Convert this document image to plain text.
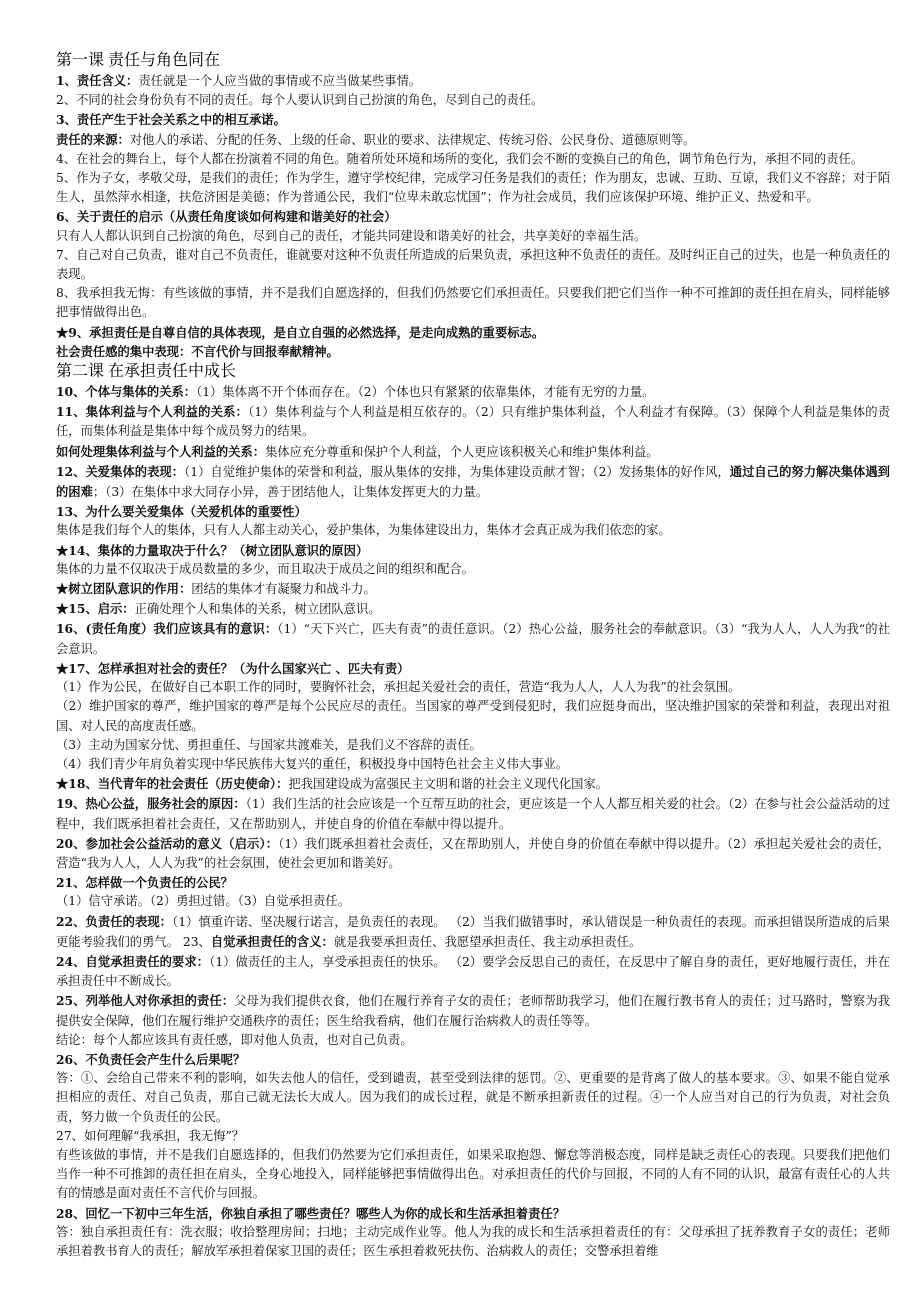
第一课 责任与角色同在

1、责任含义：责任就是一个人应当做的事情或不应当做某些事情。

2、不同的社会身份负有不同的责任。每个人要认识到自己扮演的角色，尽到自己的责任。

3、责任产生于社会关系之中的相互承诺。

责任的来源：对他人的承诺、分配的任务、上级的任命、职业的要求、法律规定、传统习俗、公民身份、道德原则等。

4、在社会的舞台上，每个人都在扮演着不同的角色。随着所处环境和场所的变化，我们会不断的变换自己的角色，调节角色行为，承担不同的责任。

5、作为子女，孝敬父母，是我们的责任；作为学生，遵守学校纪律，完成学习任务是我们的责任；作为朋友，忠诚、互助、互谅，我们义不容辞；对于陌生人，虽然萍水相逢，扶危济困是美德；作为普通公民，我们“位卑未敢忘忧国”；作为社会成员，我们应该保护环境、维护正义、热爱和平。

6、关于责任的启示（从责任角度谈如何构建和谐美好的社会）

只有人人都认识到自己扮演的角色，尽到自己的责任，才能共同建设和谐美好的社会，共享美好的幸福生活。

7、自己对自己负责，谁对自己不负责任，谁就要对这种不负责任所造成的后果负责，承担这种不负责任的责任。及时纠正自己的过失，也是一种负责任的表现。

8、我承担我无悔：有些该做的事情，并不是我们自愿选择的，但我们仍然要它们承担责任。只要我们把它们当作一种不可推卸的责任担在肩头，同样能够把事情做得出色。

★9、承担责任是自尊自信的具体表现，是自立自强的必然选择，是走向成熟的重要标志。

社会责任感的集中表现：不言代价与回报奉献精神。

第二课 在承担责任中成长

10、个体与集体的关系：（1）集体离不开个体而存在。（2）个体也只有紧紧的依靠集体，才能有无穷的力量。

11、集体利益与个人利益的关系：（1）集体利益与个人利益是相互依存的。（2）只有维护集体利益，个人利益才有保障。（3）保障个人利益是集体的责任，而集体利益是集体中每个成员努力的结果。

如何处理集体利益与个人利益的关系：集体应充分尊重和保护个人利益，个人更应该积极关心和维护集体利益。

12、关爱集体的表现：（1）自觉维护集体的荣誉和利益，服从集体的安排，为集体建设贡献才智；（2）发扬集体的好作风，通过自己的努力解决集体遇到的困难；（3）在集体中求大同存小异，善于团结他人，让集体发挥更大的力量。

13、为什么要关爱集体（关爱机体的重要性）

集体是我们每个人的集体，只有人人都主动关心，爱护集体，为集体建设出力，集体才会真正成为我们依恋的家。

★14、集体的力量取决于什么？（树立团队意识的原因）

集体的力量不仅取决于成员数量的多少，而且取决于成员之间的组织和配合。

★树立团队意识的作用：团结的集体才有凝聚力和战斗力。

★15、启示：正确处理个人和集体的关系，树立团队意识。

16、(责任角度）我们应该具有的意识：（1）“天下兴亡，匹夫有责”的责任意识。（2）热心公益，服务社会的奉献意识。（3）“我为人人，人人为我“的社会意识。

★17、怎样承担对社会的责任？（为什么国家兴亡 、匹夫有责）

（1）作为公民，在做好自己本职工作的同时，要胸怀社会，承担起关爱社会的责任，营造“我为人人，人人为我”的社会氛围。

（2）维护国家的尊严，维护国家的尊严是每个公民应尽的责任。当国家的尊严受到侵犯时，我们应挺身而出，坚决维护国家的荣誉和利益，表现出对祖国、对人民的高度责任感。

（3）主动为国家分忧、勇担重任、与国家共渡难关，是我们义不容辞的责任。

（4）我们青少年肩负着实现中华民族伟大复兴的重任，积极投身中国特色社会主义伟大事业。

★18、当代青年的社会责任（历史使命）：把我国建设成为富强民主文明和谐的社会主义现代化国家。

19、热心公益，服务社会的原因：（1）我们生活的社会应该是一个互帮互助的社会，更应该是一个人人都互相关爱的社会。（2）在参与社会公益活动的过程中，我们既承担着社会责任，又在帮助别人，并使自身的价值在奉献中得以提升。

20、参加社会公益活动的意义（启示）：（1）我们既承担着社会责任，又在帮助别人，并使自身的价值在奉献中得以提升。（2）承担起关爱社会的责任，营造“我为人人，人人为我”的社会氛围，使社会更加和谐美好。

21、怎样做一个负责任的公民？

（1）信守承诺。（2）勇担过错。（3）自觉承担责任。

22、负责任的表现：（1）慎重许诺、坚决履行诺言，是负责任的表现。 （2）当我们做错事时，承认错误是一种负责任的表现。而承担错误所造成的后果更能考验我们的勇气。 23、自觉承担责任的含义：就是我要承担责任、我愿望承担责任、我主动承担责任。

24、自觉承担责任的要求：（1）做责任的主人，享受承担责任的快乐。 （2）要学会反思自己的责任，在反思中了解自身的责任，更好地履行责任，并在承担责任中不断成长。

25、列举他人对你承担的责任：父母为我们提供衣食，他们在履行养育子女的责任；老师帮助我学习，他们在履行教书育人的责任；过马路时，警察为我提供安全保障，他们在履行维护交通秩序的责任；医生给我看病，他们在履行治病救人的责任等等。

结论：每个人都应该具有责任感，即对他人负责，也对自己负责。

26、不负责任会产生什么后果呢？

答：①、会给自己带来不利的影响，如失去他人的信任，受到谴责，甚至受到法律的惩罚。②、更重要的是背离了做人的基本要求。③、如果不能自觉承担相应的责任、对自己负责，那自己就无法长大成人。因为我们的成长过程，就是不断承担新责任的过程。④一个人应当对自己的行为负责，对社会负责，努力做一个负责任的公民。

27、如何理解“我承担，我无悔”？

有些该做的事情，并不是我们自愿选择的，但我们仍然要为它们承担责任，如果采取抱怨、懈怠等消极态度，同样是缺乏责任心的表现。只要我们把他们当作一种不可推卸的责任担在肩头，全身心地投入，同样能够把事情做得出色。对承担责任的代价与回报，不同的人有不同的认识，最富有责任心的人共有的情感是面对责任不言代价与回报。

28、回忆一下初中三年生活，你独自承担了哪些责任？哪些人为你的成长和生活承担着责任？

答：独自承担责任有：洗衣服；收拾整理房间；扫地；主动完成作业等。他人为我的成长和生活承担着责任的有：父母承担了抚养教育子女的责任；老师承担着教书育人的责任；解放军承担着保家卫国的责任；医生承担着救死扶伤、治病救人的责任；交警承担着维
